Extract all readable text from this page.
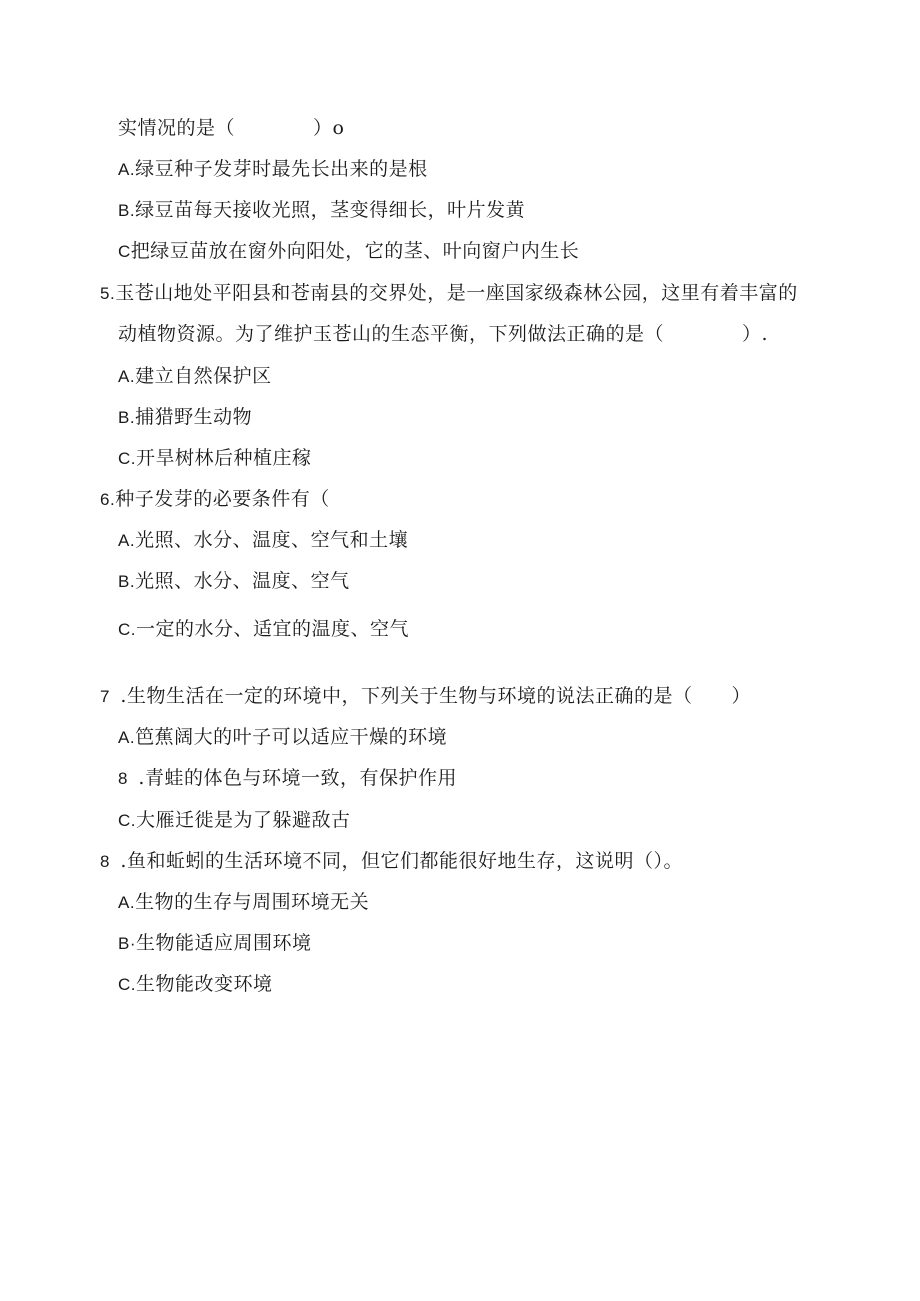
实情况的是（　　　　）o
A.绿豆种子发芽时最先长出来的是根
B.绿豆苗每天接收光照，茎变得细长，叶片发黄
C把绿豆苗放在窗外向阳处，它的茎、叶向窗户内生长
5.玉苍山地处平阳县和苍南县的交界处，是一座国家级森林公园，这里有着丰富的
动植物资源。为了维护玉苍山的生态平衡，下列做法正确的是（　　　　）.
A.建立自然保护区
B.捕猎野生动物
C.开旱树林后种植庄稼
6.种子发芽的必要条件有（
A.光照、水分、温度、空气和土壤
B.光照、水分、温度、空气
C.一定的水分、适宜的温度、空气
7  .生物生活在一定的环境中，下列关于生物与环境的说法正确的是（　　）
A.笆蕉阔大的叶子可以适应干燥的环境
8  .青蛙的体色与环境一致，有保护作用
C.大雁迁徙是为了躲避敌古
8  .鱼和蚯蚓的生活环境不同，但它们都能很好地生存，这说明（）。
A.生物的生存与周围环境无关
B·生物能适应周围环境
C.生物能改变环境
